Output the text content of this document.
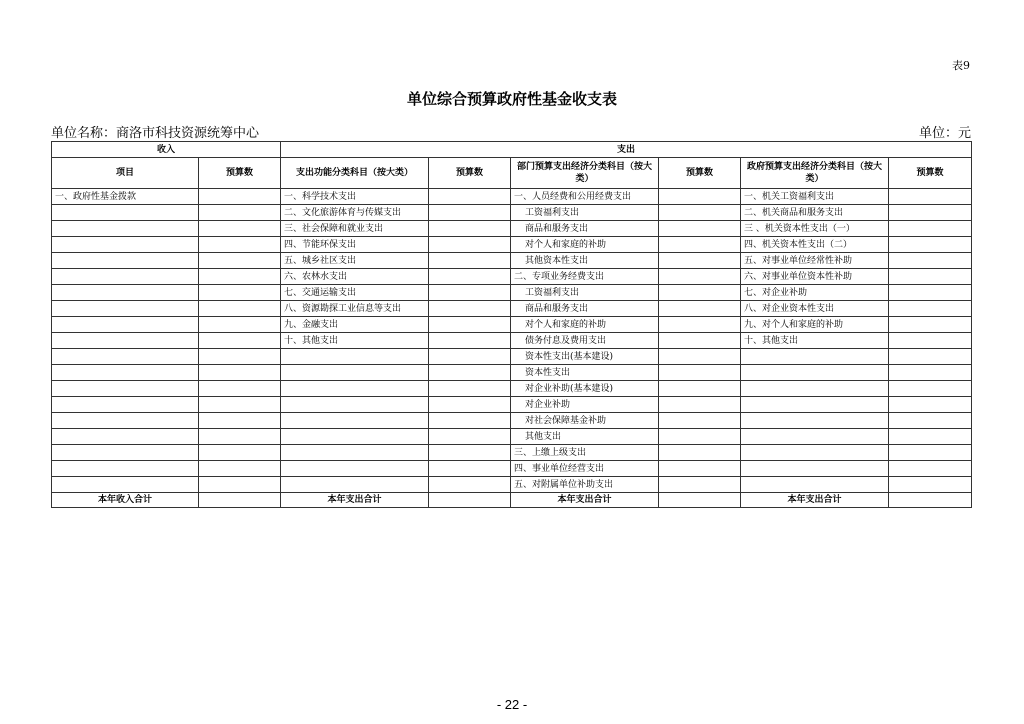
表9
单位综合预算政府性基金收支表
单位名称：商洛市科技资源统筹中心	单位：元
收入		支出					
项目	预算数	支出功能分类科目（按大类）	预算数	部门预算支出经济分类科目（按大类）	预算数	政府预算支出经济分类科目（按大类）	预算数
一、政府性基金拨款		一、科学技术支出		一、人员经费和公用经费支出		一、机关工资福利支出	
		二、文化旅游体育与传媒支出		工资福利支出		二、机关商品和服务支出	
		三、社会保障和就业支出		商品和服务支出		三 、机关资本性支出（一）	
		四、节能环保支出		对个人和家庭的补助		四、机关资本性支出（二）	
		五、城乡社区支出		其他资本性支出		五、对事业单位经常性补助	
		六、农林水支出		二、专项业务经费支出		六、对事业单位资本性补助	
		七、交通运输支出		工资福利支出		七、对企业补助	
		八、资源勘探工业信息等支出		商品和服务支出		八、对企业资本性支出	
		九、金融支出		对个人和家庭的补助		九、对个人和家庭的补助	
		十、其他支出		债务付息及费用支出		十、其他支出	
				资本性支出(基本建设)			
				资本性支出			
				对企业补助(基本建设)			
				对企业补助			
				对社会保障基金补助			
				其他支出			
				三、上缴上级支出			
				四、事业单位经营支出			
				五、对附属单位补助支出			
本年收入合计		本年支出合计		本年支出合计		本年支出合计	
- 22 -
